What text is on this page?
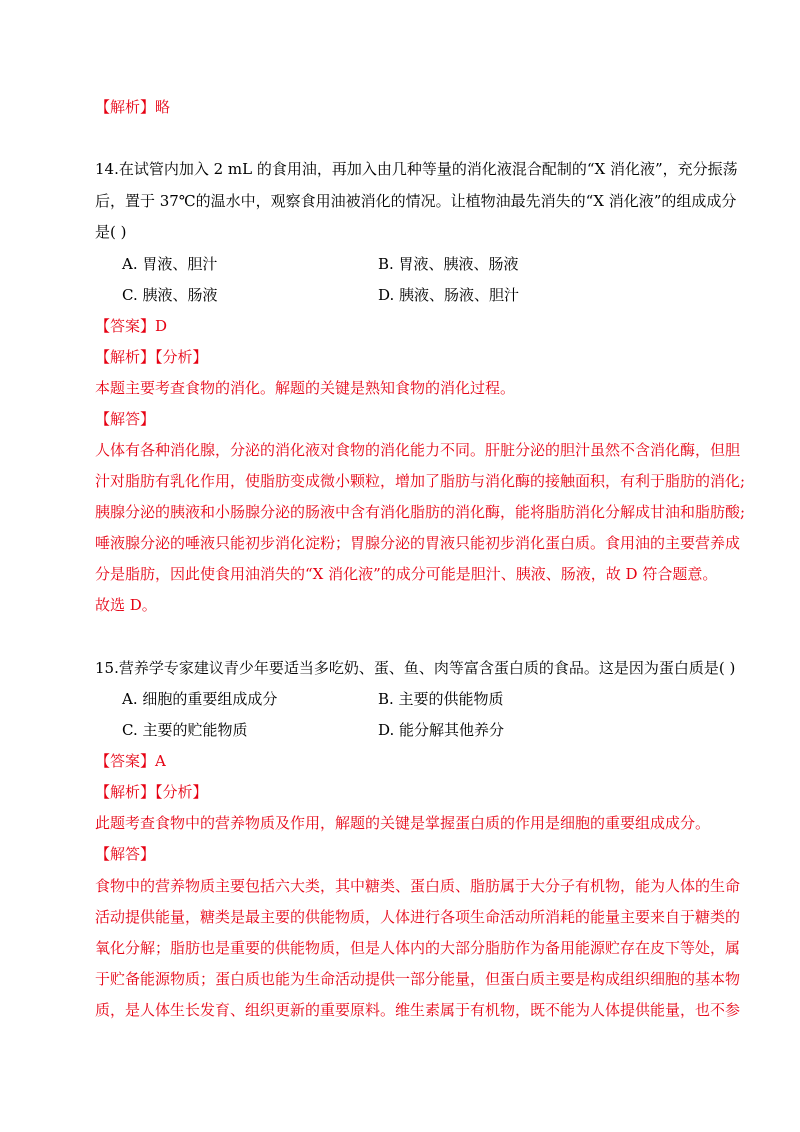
【解析】略
14.在试管内加入 2 mL 的食用油，再加入由几种等量的消化液混合配制的“X 消化液”，充分振荡
后，置于 37℃的温水中，观察食用油被消化的情况。让植物油最先消失的“X 消化液”的组成成分
是( )
A. 胃液、胆汁	B. 胃液、胰液、肠液
C. 胰液、肠液	D. 胰液、肠液、胆汁
【答案】D
【解析】【分析】
本题主要考查食物的消化。解题的关键是熟知食物的消化过程。
【解答】
人体有各种消化腺，分泌的消化液对食物的消化能力不同。肝脏分泌的胆汁虽然不含消化酶，但胆
汁对脂肪有乳化作用，使脂肪变成微小颗粒，增加了脂肪与消化酶的接触面积，有利于脂肪的消化;
胰腺分泌的胰液和小肠腺分泌的肠液中含有消化脂肪的消化酶，能将脂肪消化分解成甘油和脂肪酸;
唾液腺分泌的唾液只能初步消化淀粉；胃腺分泌的胃液只能初步消化蛋白质。食用油的主要营养成
分是脂肪，因此使食用油消失的“X 消化液”的成分可能是胆汁、胰液、肠液，故 D 符合题意。
故选 D。
15.营养学专家建议青少年要适当多吃奶、蛋、鱼、肉等富含蛋白质的食品。这是因为蛋白质是( )
A. 细胞的重要组成成分	B. 主要的供能物质
C. 主要的贮能物质	D. 能分解其他养分
【答案】A
【解析】【分析】
此题考查食物中的营养物质及作用，解题的关键是掌握蛋白质的作用是细胞的重要组成成分。
【解答】
食物中的营养物质主要包括六大类，其中糖类、蛋白质、脂肪属于大分子有机物，能为人体的生命
活动提供能量，糖类是最主要的供能物质，人体进行各项生命活动所消耗的能量主要来自于糖类的
氧化分解；脂肪也是重要的供能物质，但是人体内的大部分脂肪作为备用能源贮存在皮下等处，属
于贮备能源物质；蛋白质也能为生命活动提供一部分能量，但蛋白质主要是构成组织细胞的基本物
质，是人体生长发育、组织更新的重要原料。维生素属于有机物，既不能为人体提供能量，也不参
